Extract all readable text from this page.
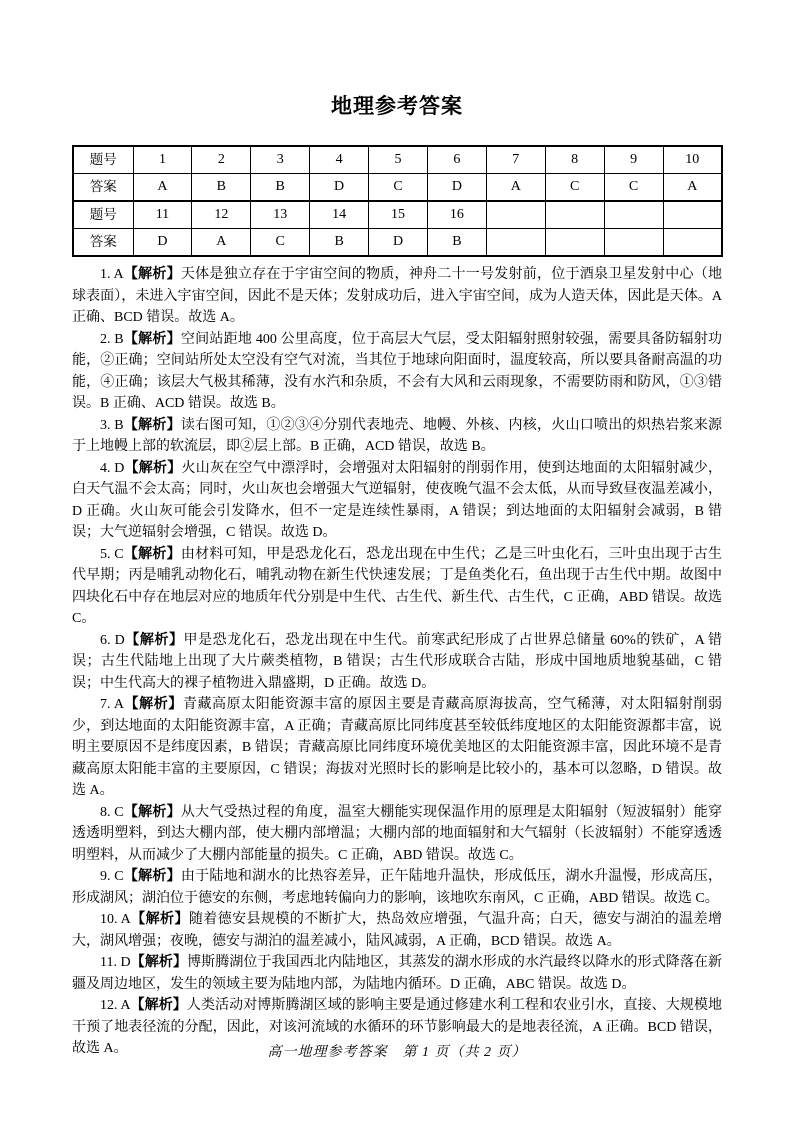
地理参考答案
题号	1	2	3	4	5	6	7	8	9	10
答案	A	B	B	D	C	D	A	C	C	A
题号	11	12	13	14	15	16				
答案	D	A	C	B	D	B				

1. A【解析】天体是独立存在于宇宙空间的物质，神舟二十一号发射前，位于酒泉卫星发射中心（地球表面），未进入宇宙空间，因此不是天体；发射成功后，进入宇宙空间，成为人造天体，因此是天体。A 正确、BCD 错误。故选 A。

2. B【解析】空间站距地 400 公里高度，位于高层大气层，受太阳辐射照射较强，需要具备防辐射功能，②正确；空间站所处太空没有空气对流，当其位于地球向阳面时，温度较高，所以要具备耐高温的功能，④正确；该层大气极其稀薄，没有水汽和杂质，不会有大风和云雨现象，不需要防雨和防风，①③错误。B 正确、ACD 错误。故选 B。

3. B【解析】读右图可知，①②③④分别代表地壳、地幔、外核、内核，火山口喷出的炽热岩浆来源于上地幔上部的软流层，即②层上部。B 正确，ACD 错误，故选 B。

4. D【解析】火山灰在空气中漂浮时，会增强对太阳辐射的削弱作用，使到达地面的太阳辐射减少，白天气温不会太高；同时，火山灰也会增强大气逆辐射，使夜晚气温不会太低，从而导致昼夜温差减小，D 正确。火山灰可能会引发降水，但不一定是连续性暴雨，A 错误；到达地面的太阳辐射会减弱，B 错误；大气逆辐射会增强，C 错误。故选 D。

5. C【解析】由材料可知，甲是恐龙化石，恐龙出现在中生代；乙是三叶虫化石，三叶虫出现于古生代早期；丙是哺乳动物化石，哺乳动物在新生代快速发展；丁是鱼类化石，鱼出现于古生代中期。故图中四块化石中存在地层对应的地质年代分别是中生代、古生代、新生代、古生代，C 正确，ABD 错误。故选 C。

6. D【解析】甲是恐龙化石，恐龙出现在中生代。前寒武纪形成了占世界总储量 60%的铁矿，A 错误；古生代陆地上出现了大片蕨类植物，B 错误；古生代形成联合古陆，形成中国地质地貌基础，C 错误；中生代高大的裸子植物进入鼎盛期，D 正确。故选 D。

7. A【解析】青藏高原太阳能资源丰富的原因主要是青藏高原海拔高，空气稀薄，对太阳辐射削弱少，到达地面的太阳能资源丰富，A 正确；青藏高原比同纬度甚至较低纬度地区的太阳能资源都丰富，说明主要原因不是纬度因素，B 错误；青藏高原比同纬度环境优美地区的太阳能资源丰富，因此环境不是青藏高原太阳能丰富的主要原因，C 错误；海拔对光照时长的影响是比较小的，基本可以忽略，D 错误。故选 A。

8. C【解析】从大气受热过程的角度，温室大棚能实现保温作用的原理是太阳辐射（短波辐射）能穿透透明塑料，到达大棚内部，使大棚内部增温；大棚内部的地面辐射和大气辐射（长波辐射）不能穿透透明塑料，从而减少了大棚内部能量的损失。C 正确，ABD 错误。故选 C。

9. C【解析】由于陆地和湖水的比热容差异，正午陆地升温快，形成低压，湖水升温慢，形成高压，形成湖风；湖泊位于德安的东侧，考虑地转偏向力的影响，该地吹东南风，C 正确，ABD 错误。故选 C。

10. A【解析】随着德安县规模的不断扩大，热岛效应增强，气温升高；白天，德安与湖泊的温差增大，湖风增强；夜晚，德安与湖泊的温差减小，陆风减弱，A 正确，BCD 错误。故选 A。

11. D【解析】博斯腾湖位于我国西北内陆地区，其蒸发的湖水形成的水汽最终以降水的形式降落在新疆及周边地区，发生的领域主要为陆地内部，为陆地内循环。D 正确，ABC 错误。故选 D。

12. A【解析】人类活动对博斯腾湖区域的影响主要是通过修建水利工程和农业引水，直接、大规模地干预了地表径流的分配，因此，对该河流域的水循环的环节影响最大的是地表径流，A 正确。BCD 错误，故选 A。	高一地理参考答案　第 1 页（共 2 页）
